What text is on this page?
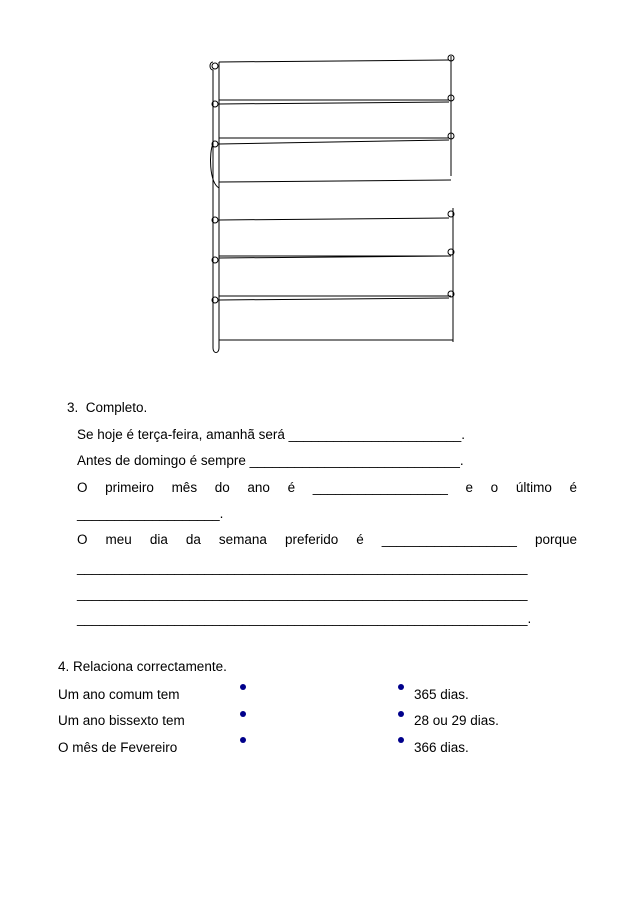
3.  Completo.
Se hoje é terça-feira, amanhã será _______________________.
Antes de domingo é sempre ____________________________.
O primeiro mês do ano é __________________ e o último é
___________________.
O meu dia da semana preferido é __________________ porque
____________________________________________________________
____________________________________________________________
____________________________________________________________.
4. Relaciona correctamente.
Um ano comum tem
Um ano bissexto tem
O mês de Fevereiro
365 dias.
28 ou 29 dias.
366 dias.
